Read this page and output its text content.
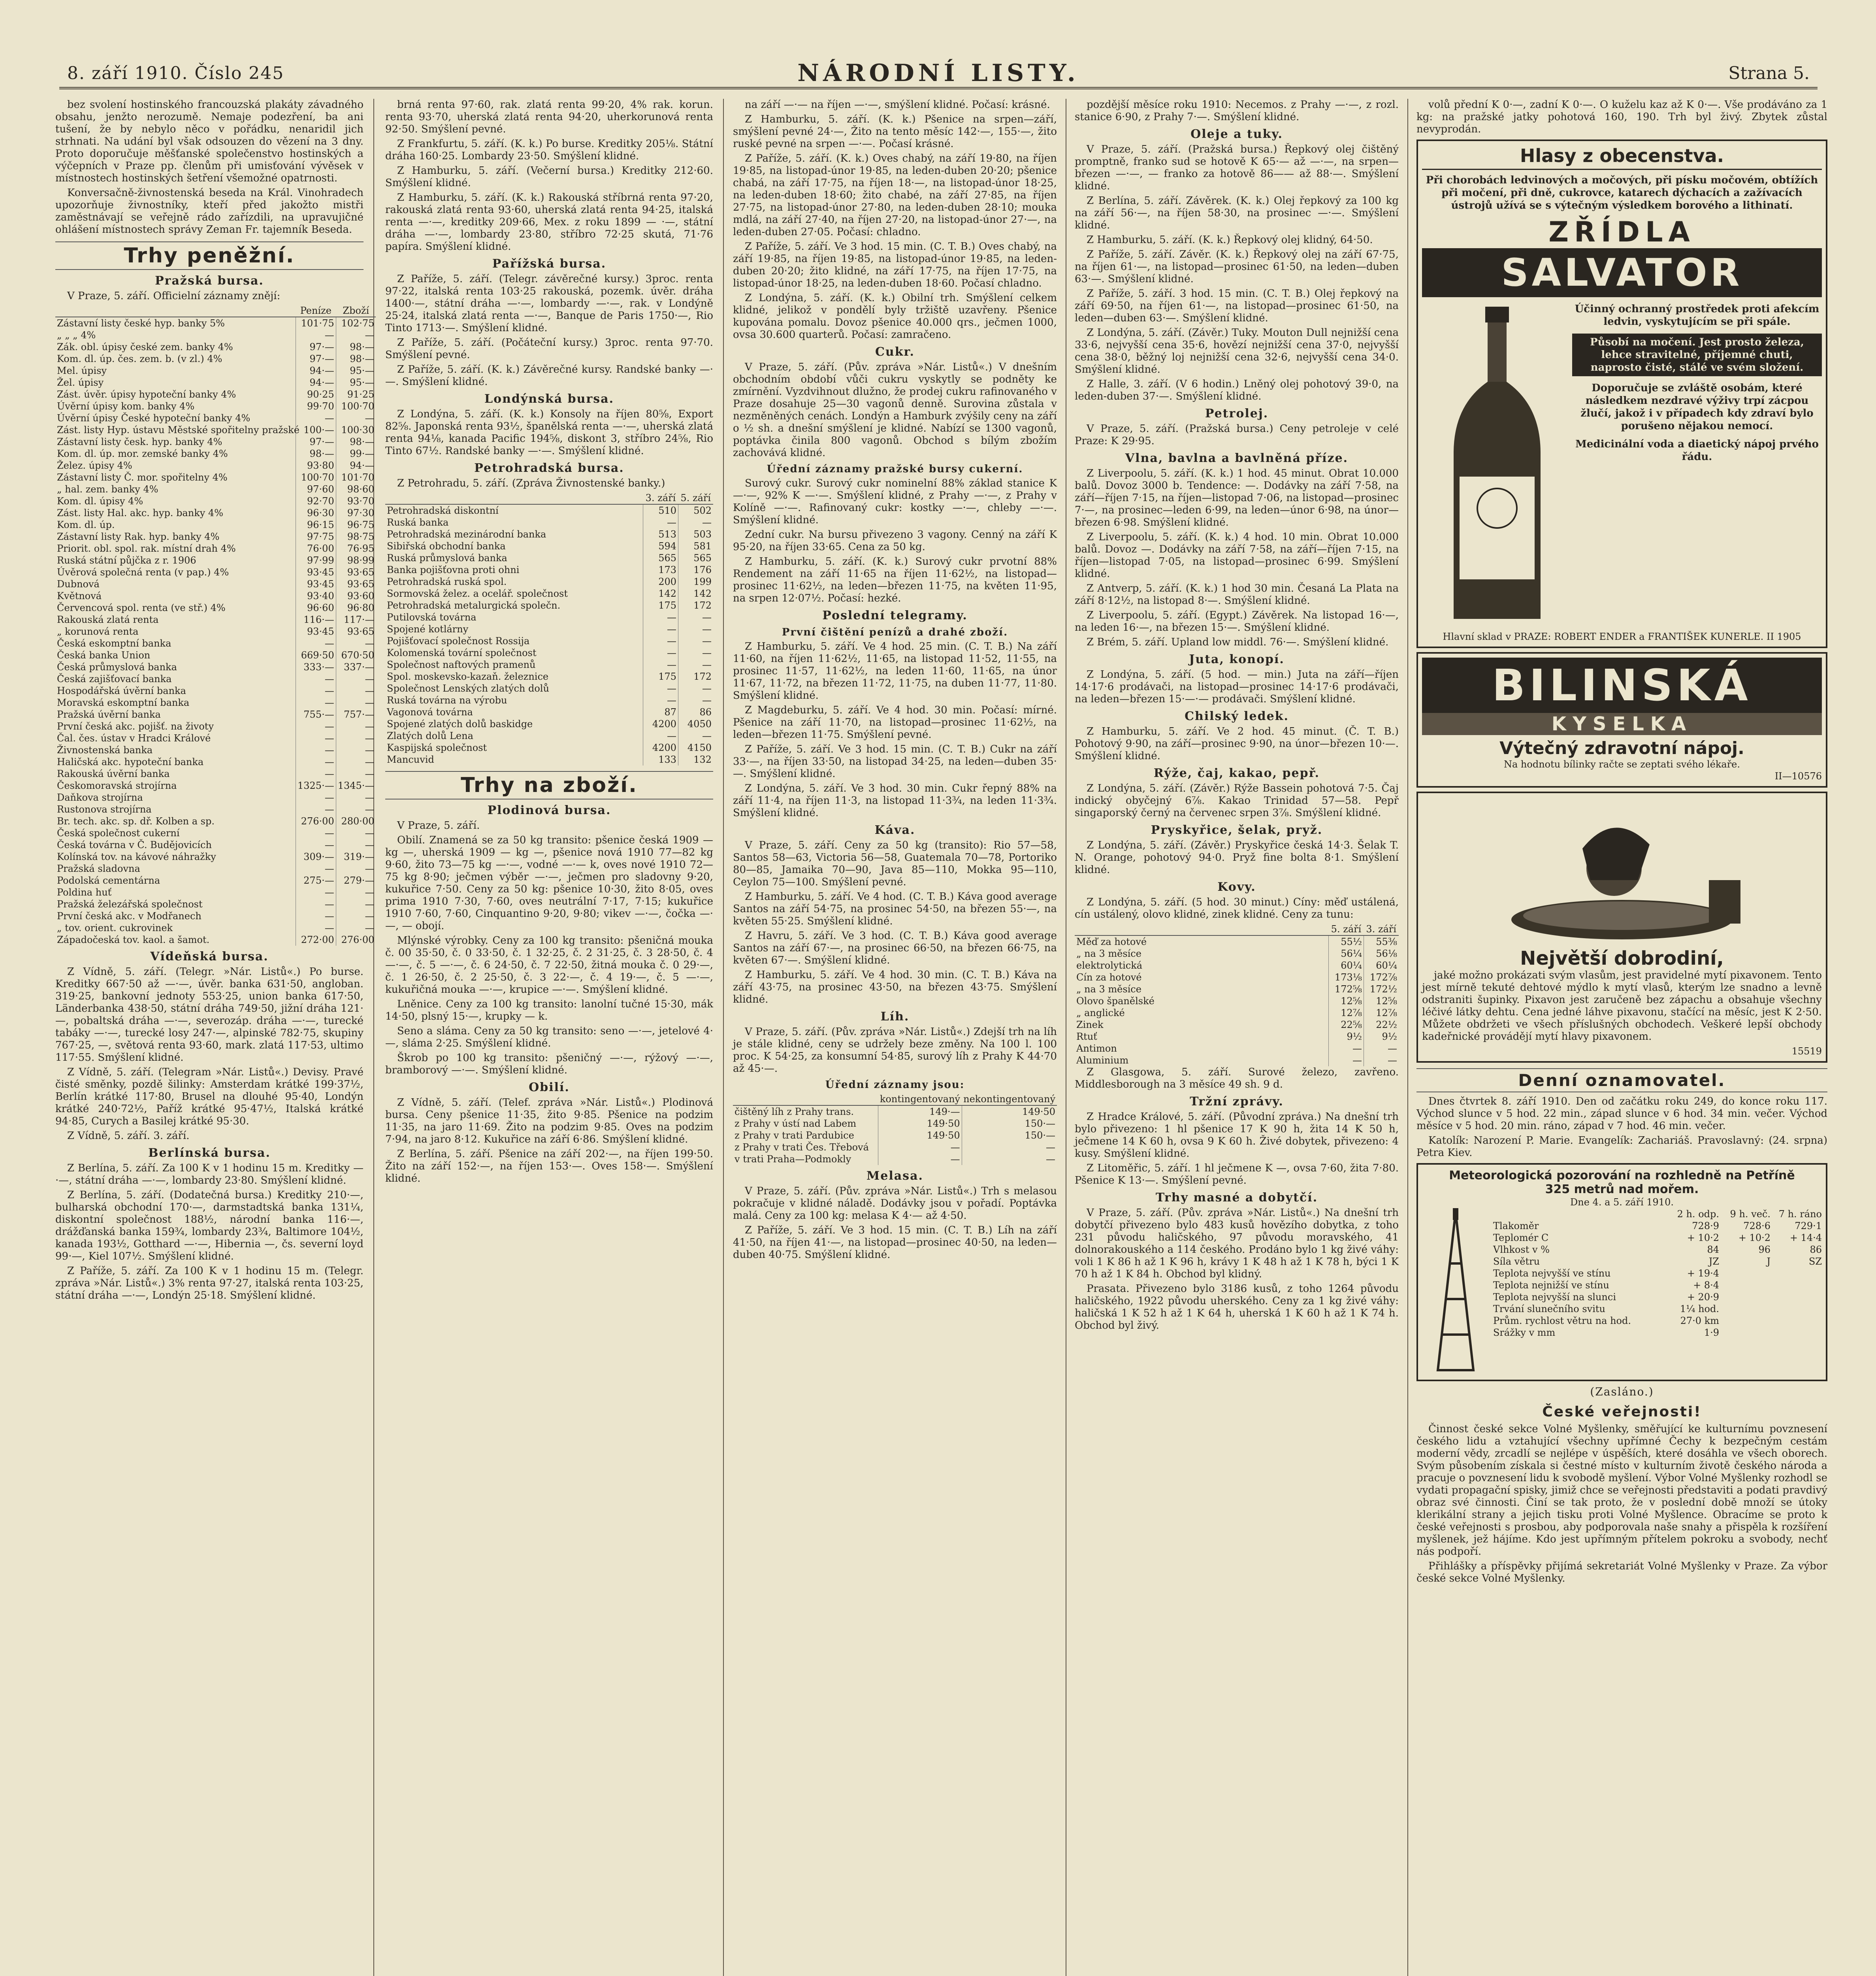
8. září 1910. Číslo 245	NÁRODNÍ LISTY.	Strana 5.

bez svolení hostinského francouzská plakáty závadného obsahu, jenžto nerozumě. Nemaje podezření, ba ani tušení, že by nebylo něco v pořádku, nenaridil jich strhnati. Na udání byl však odsouzen do vězení na 3 dny. Proto doporučuje měšťanské společenstvo hostinských a výčepních v Praze pp. členům při umisťování vývěsek v místnostech hostinských šetření všemožné opatrnosti.

Konversačně-živnostenská beseda na Král. Vinohradech upozorňuje živnostníky, kteří před jakožto mistři zaměstnávají se veřejně rádo zařízdili, na upravujičné ohlášení místnostech správy Zeman Fr. tajemník Beseda.

Trhy peněžní.
Pražská bursa.

V Praze, 5. září. Officielní záznamy znějí:

	Peníze	Zboží
Zástavní listy české hyp. banky 5%	101·75	102·75
„ „ „ 4%	—	—
Zák. obl. úpisy české zem. banky 4%	97·—	98·—
Kom. dl. úp. čes. zem. b. (v zl.) 4%	97·—	98·—
Mel. úpisy	94·—	95·—
Žel. úpisy	94·—	95·—
Zást. úvěr. úpisy hypoteční banky 4%	90·25	91·25
Úvěrní úpisy kom. banky 4%	99·70	100·70
Úvěrní úpisy České hypoteční banky 4%	—	—
Zást. listy Hyp. ústavu Městské spořitelny pražské	100·—	100·30
Zástavní listy česk. hyp. banky 4%	97·—	98·—
Kom. dl. úp. mor. zemské banky 4%	98·—	99·—
Želez. úpisy 4%	93·80	94·—
Zástavní listy Č. mor. spořitelny 4%	100·70	101·70
„ hal. zem. banky 4%	97·60	98·60
Kom. dl. úpisy 4%	92·70	93·70
Zást. listy Hal. akc. hyp. banky 4%	96·30	97·30
Kom. dl. úp.	96·15	96·75
Zástavní listy Rak. hyp. banky 4%	97·75	98·75
Priorit. obl. spol. rak. místní drah 4%	76·00	76·95
Ruská státní půjčka z r. 1906	97·99	98·99
Úvěrová společná renta (v pap.) 4%	93·45	93·65
Dubnová	93·45	93·65
Květnová	93·40	93·60
Červencová spol. renta (ve stř.) 4%	96·60	96·80
Rakouská zlatá renta	116·—	117·—
„ korunová renta	93·45	93·65
Česká eskomptní banka	—	—
Česká banka Union	669·50	670·50
Česká průmyslová banka	333·—	337·—
Česká zajišťovací banka	—	—
Hospodářská úvěrní banka	—	—
Moravská eskomptní banka	—	—
Pražská úvěrní banka	755·—	757·—
První česká akc. pojišť. na životy	—	—
Čal. čes. ústav v Hradci Králové	—	—
Živnostenská banka	—	—
Haličská akc. hypoteční banka	—	—
Rakouská úvěrní banka	—	—
Českomoravská strojírna	1325·—	1345·—
Daňkova strojírna	—	—
Rustonova strojírna	—	—
Br. tech. akc. sp. dř. Kolben a sp.	276·00	280·00
Česká společnost cukerní	—	—
Česká továrna v Č. Budějovicích	—	—
Kolínská tov. na kávové náhražky	309·—	319·—
Pražská sladovna	—	—
Podolská cementárna	275·—	279·—
Poldina huť	—	—
Pražská železářská společnost	—	—
První česká akc. v Modřanech	—	—
„ tov. orient. cukrovinek	—	—
Západočeská tov. kaol. a šamot.	272·00	276·00
Vídeňská bursa.

Z Vídně, 5. září. (Telegr. »Nár. Listů«.) Po burse. Kreditky 667·50 až —·—, úvěr. banka 631·50, angloban. 319·25, bankovní jednoty 553·25, union banka 617·50, Länderbanka 438·50, státní dráha 749·50, jižní dráha 121·—, pobaltská dráha —·—, severozáp. dráha —·—, turecké tabáky —·—, turecké losy 247·—, alpinské 782·75, skupiny 767·25, —, světová renta 93·60, mark. zlatá 117·53, ultimo 117·55. Smýšlení klidné.

Z Vídně, 5. září. (Telegram »Nár. Listů«.) Devisy. Pravé čisté směnky, pozdě šilinky: Amsterdam krátké 199·37½, Berlín krátké 117·80, Brusel na dlouhé 95·40, Londýn krátké 240·72½, Paříž krátké 95·47½, Italská krátké 94·85, Curych a Basilej krátké 95·30.

Z Vídně, 5. září. 3. září.

Berlínská bursa.

Z Berlína, 5. září. Za 100 K v 1 hodinu 15 m. Kreditky —·—, státní dráha —·—, lombardy 23·80. Smýšlení klidné.

Z Berlína, 5. září. (Dodatečná bursa.) Kreditky 210·—, bulharská obchodní 170·—, darmstadtská banka 131¼, diskontní společnost 188½, národní banka 116·—, drážďanská banka 159¾, lombardy 23¾, Baltimore 104½, kanada 193½, Gotthard —·—, Hibernia —, čs. severní loyd 99·—, Kiel 107½. Smýšlení klidné.

Z Paříže, 5. září. Za 100 K v 1 hodinu 15 m. (Telegr. zpráva »Nár. Listů«.) 3% renta 97·27, italská renta 103·25, státní dráha —·—, Londýn 25·18. Smýšlení klidné.

brná renta 97·60, rak. zlatá renta 99·20, 4% rak. korun. renta 93·70, uherská zlatá renta 94·20, uherkorunová renta 92·50. Smýšlení pevné.

Z Frankfurtu, 5. září. (K. k.) Po burse. Kreditky 205⅛. Státní dráha 160·25. Lombardy 23·50. Smýšlení klidné.

Z Hamburku, 5. září. (Večerní bursa.) Kreditky 212·60. Smýšlení klidné.

Z Hamburku, 5. září. (K. k.) Rakouská stříbrná renta 97·20, rakouská zlatá renta 93·60, uherská zlatá renta 94·25, italská renta —·—, kreditky 209·66, Mex. z roku 1899 — ·—, státní dráha —·—, lombardy 23·80, stříbro 72·25 skutá, 71·76 papíra. Smýšlení klidné.

Pařížská bursa.

Z Paříže, 5. září. (Telegr. závěrečné kursy.) 3proc. renta 97·22, italská renta 103·25 rakouská, pozemk. úvěr. dráha 1400·—, státní dráha —·—, lombardy —·—, rak. v Londýně 25·24, italská zlatá renta —·—, Banque de Paris 1750·—, Rio Tinto 1713·—. Smýšlení klidné.

Z Paříže, 5. září. (Počáteční kursy.) 3proc. renta 97·70. Smýšlení pevné.

Z Paříže, 5. září. (K. k.) Závěrečné kursy. Randské banky —·—. Smýšlení klidné.

Londýnská bursa.

Z Londýna, 5. září. (K. k.) Konsoly na říjen 80⅝, Export 82⅝. Japonská renta 93½, španělská renta —·—, uherská zlatá renta 94⅛, kanada Pacific 194⅝, diskont 3, stříbro 24⅝, Rio Tinto 67½. Randské banky —·—. Smýšlení klidné.

Petrohradská bursa.

Z Petrohradu, 5. září. (Zpráva Živnostenské banky.)

	3. září	5. září
Petrohradská diskontní	510	502
Ruská banka	—	—
Petrohradská mezinárodní banka	513	503
Sibiřská obchodní banka	594	581
Ruská průmyslová banka	565	565
Banka pojišťovna proti ohni	173	176
Petrohradská ruská spol.	200	199
Sormovská želez. a ocelář. společnost	142	142
Petrohradská metalurgická společn.	175	172
Putilovská továrna	—	—
Spojené kotlárny	—	—
Pojišťovací společnost Rossija	—	—
Kolomenská tovární společnost	—	—
Společnost naftových pramenů	—	—
Spol. moskevsko-kazaň. železnice	175	172
Společnost Lenských zlatých dolů	—	—
Ruská továrna na výrobu	—	—
Vagonová továrna	87	86
Spojené zlatých dolů baskidge	4200	4050
Zlatých dolů Lena	—	—
Kaspijská společnost	4200	4150
Mancuvid	133	132
Trhy na zboží.
Plodinová bursa.

V Praze, 5. září.

Obilí. Znamená se za 50 kg transito: pšenice česká 1909 — kg —, uherská 1909 — kg —, pšenice nová 1910 77—82 kg 9·60, žito 73—75 kg —·—, vodné —·— k, oves nové 1910 72—75 kg 8·90; ječmen výběr —·—, ječmen pro sladovny 9·20, kukuřice 7·50. Ceny za 50 kg: pšenice 10·30, žito 8·05, oves prima 1910 7·30, 7·60, oves neutrální 7·17, 7·15; kukuřice 1910 7·60, 7·60, Cinquantino 9·20, 9·80; vikev —·—, čočka —·—, — obojí.

Mlýnské výrobky. Ceny za 100 kg transito: pšeničná mouka č. 00 35·50, č. 0 33·50, č. 1 32·25, č. 2 31·25, č. 3 28·50, č. 4 —·—, č. 5 —·—, č. 6 24·50, č. 7 22·50, žitná mouka č. 0 29·—, č. 1 26·50, č. 2 25·50, č. 3 22·—, č. 4 19·—, č. 5 —·—, kukuřičná mouka —·—, krupice —·—. Smýšlení klidné.

Lněnice. Ceny za 100 kg transito: lanolní tučné 15·30, mák 14·50, plsný 15·—, krupky — k.

Seno a sláma. Ceny za 50 kg transito: seno —·—, jetelové 4·—, sláma 2·25. Smýšlení klidné.

Škrob po 100 kg transito: pšeničný —·—, rýžový —·—, bramborový —·—. Smýšlení klidné.

Obilí.

Z Vídně, 5. září. (Telef. zpráva »Nár. Listů«.) Plodinová bursa. Ceny pšenice 11·35, žito 9·85. Pšenice na podzim 11·35, na jaro 11·69. Žito na podzim 9·85. Oves na podzim 7·94, na jaro 8·12. Kukuřice na září 6·86. Smýšlení klidné.

Z Berlína, 5. září. Pšenice na září 202·—, na říjen 199·50. Žito na září 152·—, na říjen 153·—. Oves 158·—. Smýšlení klidné.

na září —·— na říjen —·—, smýšlení klidné. Počasí: krásné.

Z Hamburku, 5. září. (K. k.) Pšenice na srpen—září, smýšlení pevné 24·—, Žito na tento měsíc 142·—, 155·—, žito ruské pevné na srpen —·—. Počasí krásné.

Z Paříže, 5. září. (K. k.) Oves chabý, na září 19·80, na říjen 19·85, na listopad-únor 19·85, na leden-duben 20·20; pšenice chabá, na září 17·75, na říjen 18·—, na listopad-únor 18·25, na leden-duben 18·60; žito chabé, na září 27·85, na říjen 27·75, na listopad-únor 27·80, na leden-duben 28·10; mouka mdlá, na září 27·40, na říjen 27·20, na listopad-únor 27·—, na leden-duben 27·05. Počasí: chladno.

Z Paříže, 5. září. Ve 3 hod. 15 min. (C. T. B.) Oves chabý, na září 19·85, na říjen 19·85, na listopad-únor 19·85, na leden-duben 20·20; žito klidné, na září 17·75, na říjen 17·75, na listopad-únor 18·25, na leden-duben 18·60. Počasí chladno.

Z Londýna, 5. září. (K. k.) Obilní trh. Smýšlení celkem klidné, jelikož v pondělí byly tržiště uzavřeny. Pšenice kupována pomalu. Dovoz pšenice 40.000 qrs., ječmen 1000, ovsa 30.600 quarterů. Počasí: zamračeno.

Cukr.

V Praze, 5. září. (Pův. zpráva »Nár. Listů«.) V dnešním obchodním období vůči cukru vyskytly se podněty ke zmírnění. Vyzdvihnout dlužno, že prodej cukru rafinovaného v Praze dosahuje 25—30 vagonů denně. Surovina zůstala v nezměněných cenách. Londýn a Hamburk zvýšily ceny na září o ½ sh. a dnešní smýšlení je klidné. Nabízí se 1300 vagonů, poptávka činila 800 vagonů. Obchod s bílým zbožím zachovává klidné.

Úřední záznamy pražské bursy cukerní.

Surový cukr. Surový cukr nominelní 88% základ stanice K —·—, 92% K —·—. Smýšlení klidné, z Prahy —·—, z Prahy v Kolíně —·—. Rafinovaný cukr: kostky —·—, chleby —·—. Smýšlení klidné.

Zední cukr. Na bursu přivezeno 3 vagony. Cenný na září K 95·20, na říjen 33·65. Cena za 50 kg.

Z Hamburku, 5. září. (K. k.) Surový cukr prvotní 88% Rendement na září 11·65 na říjen 11·62½, na listopad—prosinec 11·62½, na leden—březen 11·75, na květen 11·95, na srpen 12·07½. Počasí: hezké.

Poslední telegramy.
První čištění penízů a drahé zboží.

Z Hamburku, 5. září. Ve 4 hod. 25 min. (C. T. B.) Na září 11·60, na říjen 11·62½, 11·65, na listopad 11·52, 11·55, na prosinec 11·57, 11·62½, na leden 11·60, 11·65, na únor 11·67, 11·72, na březen 11·72, 11·75, na duben 11·77, 11·80. Smýšlení klidné.

Z Magdeburku, 5. září. Ve 4 hod. 30 min. Počasí: mírné. Pšenice na září 11·70, na listopad—prosinec 11·62½, na leden—březen 11·75. Smýšlení pevné.

Z Paříže, 5. září. Ve 3 hod. 15 min. (C. T. B.) Cukr na září 33·—, na říjen 33·50, na listopad 34·25, na leden—duben 35·—. Smýšlení klidné.

Z Londýna, 5. září. Ve 3 hod. 30 min. Cukr řepný 88% na září 11·4, na říjen 11·3, na listopad 11·3¾, na leden 11·3¾. Smýšlení klidné.

Káva.

V Praze, 5. září. Ceny za 50 kg (transito): Rio 57—58, Santos 58—63, Victoria 56—58, Guatemala 70—78, Portoriko 80—85, Jamaika 70—90, Java 85—110, Mokka 95—110, Ceylon 75—100. Smýšlení pevné.

Z Hamburku, 5. září. Ve 4 hod. (C. T. B.) Káva good average Santos na září 54·75, na prosinec 54·50, na březen 55·—, na květen 55·25. Smýšlení klidné.

Z Havru, 5. září. Ve 3 hod. (C. T. B.) Káva good average Santos na září 67·—, na prosinec 66·50, na březen 66·75, na květen 67·—. Smýšlení klidné.

Z Hamburku, 5. září. Ve 4 hod. 30 min. (C. T. B.) Káva na září 43·75, na prosinec 43·50, na březen 43·75. Smýšlení klidné.

Líh.

V Praze, 5. září. (Pův. zpráva »Nár. Listů«.) Zdejší trh na líh je stále klidné, ceny se udržely beze změny. Na 100 l. 100 proc. K 54·25, za konsumní 54·85, surový líh z Prahy K 44·70 až 45·—.

Úřední záznamy jsou:
	kontingentovaný	nekontingentovaný
čištěný líh z Prahy trans.	149·—	149·50
z Prahy v ústí nad Labem	149·50	150·—
z Prahy v trati Pardubice	149·50	150·—
z Prahy v trati Čes. Třebová	—	—
v trati Praha—Podmokly	—	—
Melasa.

V Praze, 5. září. (Pův. zpráva »Nár. Listů«.) Trh s melasou pokračuje v klidné náladě. Dodávky jsou v pořadí. Poptávka malá. Ceny za 100 kg: melasa K 4·— až 4·50.

Z Paříže, 5. září. Ve 3 hod. 15 min. (C. T. B.) Líh na září 41·50, na říjen 41·—, na listopad—prosinec 40·50, na leden—duben 40·75. Smýšlení klidné.

pozdější měsíce roku 1910: Necemos. z Prahy —·—, z rozl. stanice 6·90, z Prahy 7·—. Smýšlení klidné.

Oleje a tuky.

V Praze, 5. září. (Pražská bursa.) Řepkový olej čištěný promptně, franko sud se hotově K 65·— až —·—, na srpen—březen —·—, — franko za hotově 86—— až 88·—. Smýšlení klidné.

Z Berlína, 5. září. Závěrek. (K. k.) Olej řepkový za 100 kg na září 56·—, na říjen 58·30, na prosinec —·—. Smýšlení klidné.

Z Hamburku, 5. září. (K. k.) Řepkový olej klidný, 64·50.

Z Paříže, 5. září. Závěr. (K. k.) Řepkový olej na září 67·75, na říjen 61·—, na listopad—prosinec 61·50, na leden—duben 63·—. Smýšlení klidné.

Z Paříže, 5. září. 3 hod. 15 min. (C. T. B.) Olej řepkový na září 69·50, na říjen 61·—, na listopad—prosinec 61·50, na leden—duben 63·—. Smýšlení klidné.

Z Londýna, 5. září. (Závěr.) Tuky. Mouton Dull nejnižší cena 33·6, nejvyšší cena 35·6, hovězí nejnižší cena 37·0, nejvyšší cena 38·0, běžný loj nejnižší cena 32·6, nejvyšší cena 34·0. Smýšlení klidné.

Z Halle, 3. září. (V 6 hodin.) Lněný olej pohotový 39·0, na leden-duben 37·—. Smýšlení klidné.

Petrolej.

V Praze, 5. září. (Pražská bursa.) Ceny petroleje v celé Praze: K 29·95.

Vlna, bavlna a bavlněná příze.

Z Liverpoolu, 5. září. (K. k.) 1 hod. 45 minut. Obrat 10.000 balů. Dovoz 3000 b. Tendence: —. Dodávky na září 7·58, na září—říjen 7·15, na říjen—listopad 7·06, na listopad—prosinec 7·—, na prosinec—leden 6·99, na leden—únor 6·98, na únor—březen 6·98. Smýšlení klidné.

Z Liverpoolu, 5. září. (K. k.) 4 hod. 10 min. Obrat 10.000 balů. Dovoz —. Dodávky na září 7·58, na září—říjen 7·15, na říjen—listopad 7·05, na listopad—prosinec 6·99. Smýšlení klidné.

Z Antverp, 5. září. (K. k.) 1 hod 30 min. Česaná La Plata na září 8·12½, na listopad 8·—. Smýšlení klidné.

Z Liverpoolu, 5. září. (Egypt.) Závěrek. Na listopad 16·—, na leden 16·—, na březen 15·—. Smýšlení klidné.

Z Brém, 5. září. Upland low middl. 76·—. Smýšlení klidné.

Juta, konopí.

Z Londýna, 5. září. (5 hod. — min.) Juta na září—říjen 14·17·6 prodávači, na listopad—prosinec 14·17·6 prodávači, na leden—březen 15·—·— prodávači. Smýšlení klidné.

Chilský ledek.

Z Hamburku, 5. září. Ve 2 hod. 45 minut. (Č. T. B.) Pohotový 9·90, na září—prosinec 9·90, na únor—březen 10·—. Smýšlení klidné.

Rýže, čaj, kakao, pepř.

Z Londýna, 5. září. (Závěr.) Rýže Bassein pohotová 7·5. Čaj indický obyčejný 6⅞. Kakao Trinidad 57—58. Pepř singaporský černý na červenec srpen 3⅞. Smýšlení klidné.

Pryskyřice, šelak, pryž.

Z Londýna, 5. září. (Závěr.) Pryskyřice česká 14·3. Šelak T. N. Orange, pohotový 94·0. Pryž fine bolta 8·1. Smýšlení klidné.

Kovy.

Z Londýna, 5. září. (5 hod. 30 minut.) Cíny: měď ustálená, cín ustálený, olovo klidné, zinek klidné. Ceny za tunu:

	5. září	3. září
Měď za hotové	55½	55⅜
„ na 3 měsíce	56¼	56⅛
elektrolytická	60¼	60¼
Cín za hotové	173⅛	172⅞
„ na 3 měsíce	172⅝	172½
Olovo španělské	12⅝	12⅝
„ anglické	12⅞	12⅞
Zinek	22⅝	22½
Rtuť	9½	9½
Antimon	—	—
Aluminium	—	—

Z Glasgowa, 5. září. Surové železo, zavřeno. Middlesborough na 3 měsíce 49 sh. 9 d.

Tržní zprávy.

Z Hradce Králové, 5. září. (Původní zpráva.) Na dnešní trh bylo přivezeno: 1 hl pšenice 17 K 90 h, žita 14 K 50 h, ječmene 14 K 60 h, ovsa 9 K 60 h. Živé dobytek, přivezeno: 4 kusy. Smýšlení klidné.

Z Litoměřic, 5. září. 1 hl ječmene K —, ovsa 7·60, žita 7·80. Pšenice K 13·—. Smýšlení pevné.

Trhy masné a dobytčí.

V Praze, 5. září. (Pův. zpráva »Nár. Listů«.) Na dnešní trh dobytčí přivezeno bylo 483 kusů hovězího dobytka, z toho 231 původu haličského, 97 původu moravského, 41 dolnorakouského a 114 českého. Prodáno bylo 1 kg živé váhy: voli 1 K 86 h až 1 K 96 h, krávy 1 K 48 h až 1 K 78 h, býci 1 K 70 h až 1 K 84 h. Obchod byl klidný.

Prasata. Přivezeno bylo 3186 kusů, z toho 1264 původu haličského, 1922 původu uherského. Ceny za 1 kg živé váhy: haličská 1 K 52 h až 1 K 64 h, uherská 1 K 60 h až 1 K 74 h. Obchod byl živý.

volů přední K 0·—, zadní K 0·—. O kuželu kaz až K 0·—. Vše prodáváno za 1 kg: na pražské jatky pohotová 160, 190. Trh byl živý. Zbytek zůstal nevyprodán.

Hlasy z obecenstva.
Při chorobách ledvinových a močových, při písku močovém, obtížích při močení, při dně, cukrovce, katarech dýchacích a zažívacích ústrojů užívá se s výtečným výsledkem borového a lithinatí.
ZŘÍDLA
SALVATOR
Účinný ochranný prostředek proti afekcím ledvin, vyskytujícím se při spále.
Působí na močení. Jest prosto železa, lehce stravitelné, příjemné chuti, naprosto čisté, stálé ve svém složení.
Doporučuje se zvláště osobám, které následkem nezdravé výživy trpí zácpou žlučí, jakož i v případech kdy zdraví bylo porušeno nějakou nemocí.
Medicinální voda a diaetický nápoj prvého řádu.
Hlavní sklad v PRAZE: ROBERT ENDER a FRANTIŠEK KUNERLE. II 1905
BILINSKÁ
KYSELKA
Výtečný zdravotní nápoj.
Na hodnotu bílinky račte se zeptati svého lékaře.
II—10576
Největší dobrodiní,

jaké možno prokázati svým vlasům, jest pravidelné mytí pixavonem. Tento jest mírně tekuté dehtové mýdlo k mytí vlasů, kterým lze snadno a levně odstraniti šupinky. Pixavon jest zaručeně bez zápachu a obsahuje všechny léčivé látky dehtu. Cena jedné láhve pixavonu, stačící na měsíc, jest K 2·50. Můžete obdržeti ve všech příslušných obchodech. Veškeré lepší obchody kadeřnické provádějí mytí hlavy pixavonem.

15519
Denní oznamovatel.

Dnes čtvrtek 8. září 1910. Den od začátku roku 249, do konce roku 117. Východ slunce v 5 hod. 22 min., západ slunce v 6 hod. 34 min. večer. Východ měsíce v 5 hod. 20 min. ráno, západ v 7 hod. 46 min. večer.

Katolík: Narození P. Marie. Evangelík: Zachariáš. Pravoslavný: (24. srpna) Petra Kiev.

Meteorologická pozorování na rozhledně na Petříně
325 metrů nad mořem.
Dne 4. a 5. září 1910.
2 h. odp.	9 h. več. 7 h. ráno
Tlakoměr	728·9	728·6	729·1
Teplomér C	+ 10·2	+ 10·2	+ 14·4
Vlhkost v %	84	96	86
Síla větru	JZ	J	SZ
Teplota nejvyšší ve stínu	+ 19·4
Teplota nejnižší ve stínu	+ 8·4
Teplota nejvyšší na slunci	+ 20·9
Trvání slunečního svitu	1¼ hod.
Prům. rychlost větru na hod.	27·0 km
Srážky v mm	1·9
(Zasláno.)
České veřejnosti!

Činnost české sekce Volné Myšlenky, směřující ke kulturnímu povznesení českého lidu a vztahující všechny upřímné Čechy k bezpečným cestám moderní vědy, zrcadlí se nejlépe v úspěších, které dosáhla ve všech oborech. Svým působením získala si čestné místo v kulturním životě českého národa a pracuje o povznesení lidu k svobodě myšlení. Výbor Volné Myšlenky rozhodl se vydati propagační spisky, jimiž chce se veřejnosti představiti a podati pravdivý obraz své činnosti. Činí se tak proto, že v poslední době množí se útoky klerikální strany a jejich tisku proti Volné Myšlence. Obracíme se proto k české veřejnosti s prosbou, aby podporovala naše snahy a přispěla k rozšíření myšlenek, jež hájíme. Kdo jest upřímným přítelem pokroku a svobody, nechť nás podpoří.

Přihlášky a příspěvky přijímá sekretariát Volné Myšlenky v Praze. Za výbor české sekce Volné Myšlenky.
